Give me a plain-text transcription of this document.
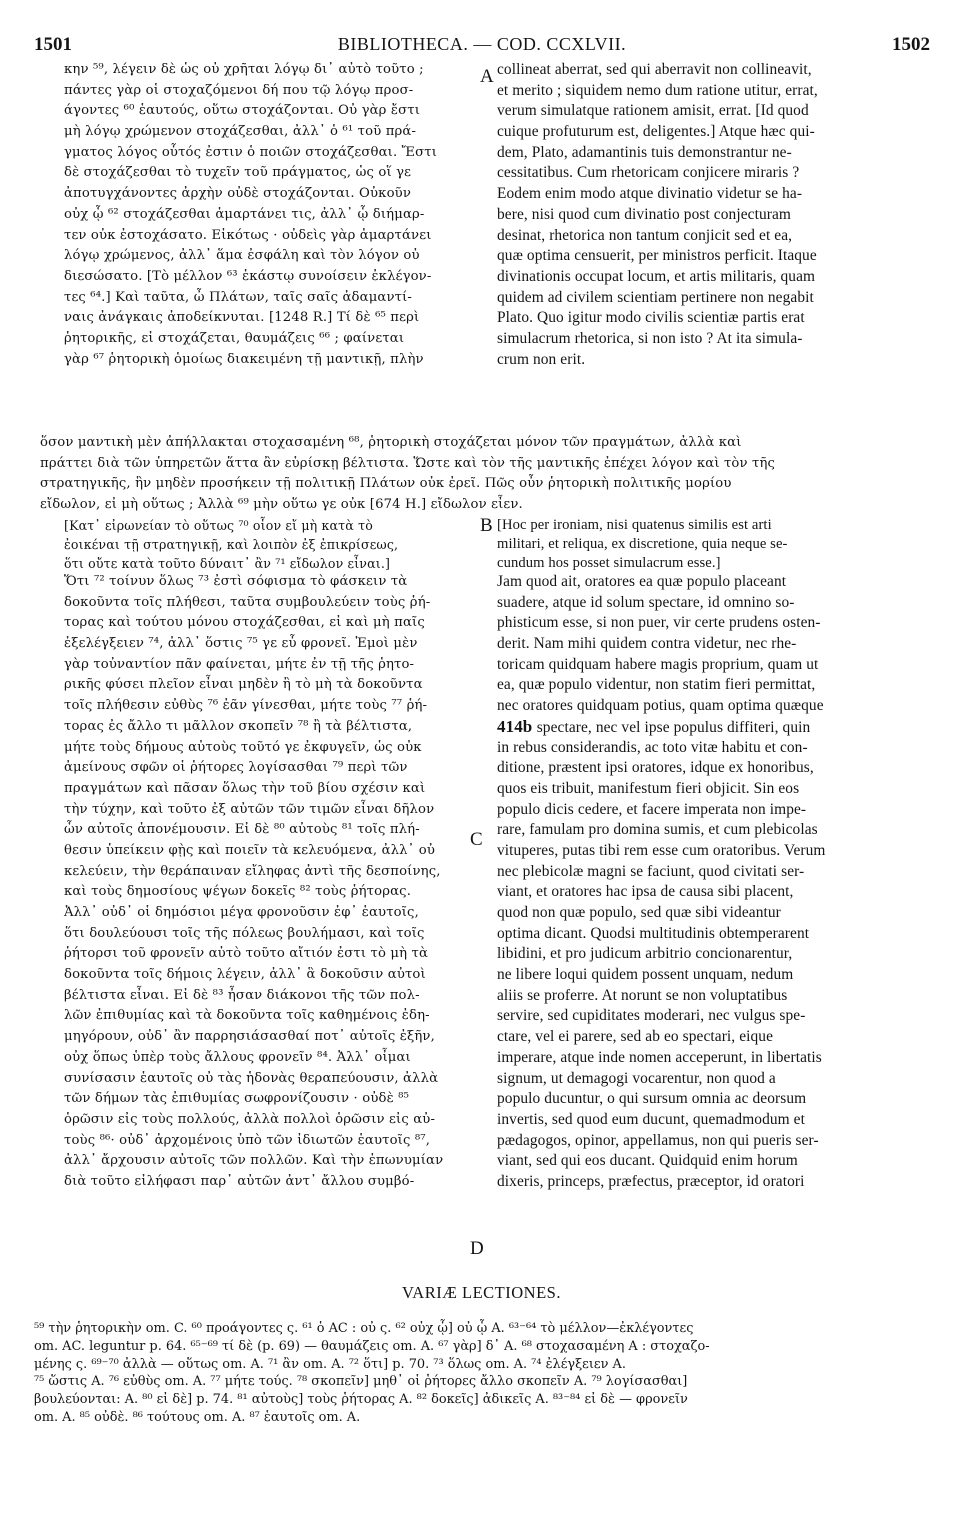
1501	BIBLIOTHECA. — COD. CCXLVII.	1502
κην ⁵⁹, λέγειν δὲ ὡς οὐ χρῆται λόγῳ δι᾿ αὐτὸ τοῦτο ;
πάντες γὰρ οἱ στοχαζόμενοι δή που τῷ λόγῳ προσ-
άγοντες ⁶⁰ ἑαυτούς, οὕτω στοχάζονται. Οὐ γὰρ ἔστι
μὴ λόγῳ χρώμενον στοχάζεσθαι, ἀλλ᾿ ὁ ⁶¹ τοῦ πρά-
γματος λόγος οὗτός ἐστιν ὁ ποιῶν στοχάζεσθαι. Ἔστι
δὲ στοχάζεσθαι τὸ τυχεῖν τοῦ πράγματος, ὡς οἵ γε
ἀποτυγχάνοντες ἀρχὴν οὐδὲ στοχάζονται. Οὐκοῦν
οὐχ ᾧ ⁶² στοχάζεσθαι ἁμαρτάνει τις, ἀλλ᾿ ᾧ διήμαρ-
τεν οὐκ ἐστοχάσατο. Εἰκότως · οὐδεὶς γὰρ ἁμαρτάνει
λόγῳ χρώμενος, ἀλλ᾿ ἅμα ἐσφάλη καὶ τὸν λόγον οὐ
διεσώσατο. [Τὸ μέλλον ⁶³ ἑκάστῳ συνοίσειν ἐκλέγον-
τες ⁶⁴.] Καὶ ταῦτα, ὦ Πλάτων, ταῖς σαῖς ἀδαμαντί-
ναις ἀνάγκαις ἀποδείκνυται. [1248 R.] Τί δὲ ⁶⁵ περὶ
ῥητορικῆς, εἰ στοχάζεται, θαυμάζεις ⁶⁶ ; φαίνεται
γὰρ ⁶⁷ ῥητορικὴ ὁμοίως διακειμένη τῇ μαντικῇ, πλὴν
collineat aberrat, sed qui aberravit non collineavit,
et merito ; siquidem nemo dum ratione utitur, errat,
verum simulatque rationem amisit, errat. [Id quod
cuique profuturum est, deligentes.] Atque hæc qui-
dem, Plato, adamantinis tuis demonstrantur ne-
cessitatibus. Cum rhetoricam conjicere miraris ?
Eodem enim modo atque divinatio videtur se ha-
bere, nisi quod cum divinatio post conjecturam
desinat, rhetorica non tantum conjicit sed et ea,
quæ optima censuerit, per ministros perficit. Itaque
divinationis occupat locum, et artis militaris, quam
quidem ad civilem scientiam pertinere non negabit
Plato. Quo igitur modo civilis scientiæ partis erat
simulacrum rhetorica, si non isto ? At ita simula-
crum non erit.
ὅσον μαντικὴ μὲν ἀπήλλακται στοχασαμένη ⁶⁸, ῥητορικὴ στοχάζεται μόνον τῶν πραγμάτων, ἀλλὰ καὶ
πράττει διὰ τῶν ὑπηρετῶν ἅττα ἂν εὑρίσκῃ βέλτιστα. Ὥστε καὶ τὸν τῆς μαντικῆς ἐπέχει λόγον καὶ τὸν τῆς
στρατηγικῆς, ἣν μηδὲν προσήκειν τῇ πολιτικῇ Πλάτων οὐκ ἐρεῖ. Πῶς οὖν ῥητορικὴ πολιτικῆς μορίου
εἴδωλον, εἰ μὴ οὕτως ; Ἀλλὰ ⁶⁹ μὴν οὕτω γε οὐκ [674 H.] εἴδωλον εἶεν.
[Κατ᾿ εἰρωνείαν τὸ οὕτως ⁷⁰ οἷον εἴ μὴ κατὰ τὸ
ἐοικέναι τῇ στρατηγικῇ, καὶ λοιπὸν ἐξ ἐπικρίσεως,
ὅτι οὔτε κατὰ τοῦτο δύναιτ᾿ ἂν ⁷¹ εἴδωλον εἶναι.]
[Hoc per ironiam, nisi quatenus similis est arti
militari, et reliqua, ex discretione, quia neque se-
cundum hos posset simulacrum esse.]
Ὅτι ⁷² τοίνυν ὅλως ⁷³ ἐστὶ σόφισμα τὸ φάσκειν τὰ
δοκοῦντα τοῖς πλήθεσι, ταῦτα συμβουλεύειν τοὺς ῥή-
τορας καὶ τούτου μόνου στοχάζεσθαι, εἰ καὶ μὴ παῖς
ἐξελέγξειεν ⁷⁴, ἀλλ᾿ ὅστις ⁷⁵ γε εὖ φρονεῖ. Ἐμοὶ μὲν
γὰρ τοὐναντίον πᾶν φαίνεται, μήτε ἐν τῇ τῆς ῥητο-
ρικῆς φύσει πλεῖον εἶναι μηδὲν ἢ τὸ μὴ τὰ δοκοῦντα
τοῖς πλήθεσιν εὐθὺς ⁷⁶ ἐᾶν γίνεσθαι, μήτε τοὺς ⁷⁷ ῥή-
τορας ἐς ἄλλο τι μᾶλλον σκοπεῖν ⁷⁸ ἢ τὰ βέλτιστα,
μήτε τοὺς δήμους αὐτοὺς τοῦτό γε ἐκφυγεῖν, ὡς οὐκ
ἀμείνους σφῶν οἱ ῥήτορες λογίσασθαι ⁷⁹ περὶ τῶν
πραγμάτων καὶ πᾶσαν ὅλως τὴν τοῦ βίου σχέσιν καὶ
τὴν τύχην, καὶ τοῦτο ἐξ αὐτῶν τῶν τιμῶν εἶναι δῆλον
ὧν αὐτοῖς ἀπονέμουσιν. Εἰ δὲ ⁸⁰ αὐτοὺς ⁸¹ τοῖς πλή-
θεσιν ὑπείκειν φῂς καὶ ποιεῖν τὰ κελευόμενα, ἀλλ᾿ οὐ
κελεύειν, τὴν θεράπαιναν εἴληφας ἀντὶ τῆς δεσποίνης,
καὶ τοὺς δημοσίους ψέγων δοκεῖς ⁸² τοὺς ῥήτορας.
Ἀλλ᾿ οὐδ᾿ οἱ δημόσιοι μέγα φρονοῦσιν ἐφ᾿ ἑαυτοῖς,
ὅτι δουλεύουσι τοῖς τῆς πόλεως βουλήμασι, καὶ τοῖς
ῥήτορσι τοῦ φρονεῖν αὐτὸ τοῦτο αἴτιόν ἐστι τὸ μὴ τὰ
δοκοῦντα τοῖς δήμοις λέγειν, ἀλλ᾿ ἃ δοκοῦσιν αὐτοὶ
βέλτιστα εἶναι. Εἰ δὲ ⁸³ ἦσαν διάκονοι τῆς τῶν πολ-
λῶν ἐπιθυμίας καὶ τὰ δοκοῦντα τοῖς καθημένοις ἐδη-
μηγόρουν, οὐδ᾿ ἂν παρρησιάσασθαί ποτ᾿ αὐτοῖς ἐξῆν,
οὐχ ὅπως ὑπὲρ τοὺς ἄλλους φρονεῖν ⁸⁴. Ἀλλ᾿ οἶμαι
συνίσασιν ἑαυτοῖς οὐ τὰς ἡδονὰς θεραπεύουσιν, ἀλλὰ
τῶν δήμων τὰς ἐπιθυμίας σωφρονίζουσιν · οὐδὲ ⁸⁵
ὁρῶσιν εἰς τοὺς πολλούς, ἀλλὰ πολλοὶ ὁρῶσιν εἰς αὐ-
τοὺς ⁸⁶· οὐδ᾿ ἀρχομένοις ὑπὸ τῶν ἰδιωτῶν ἑαυτοῖς ⁸⁷,
ἀλλ᾿ ἄρχουσιν αὐτοῖς τῶν πολλῶν. Καὶ τὴν ἐπωνυμίαν
διὰ τοῦτο εἰλήφασι παρ᾿ αὐτῶν ἀντ᾿ ἄλλου συμβό-
Jam quod ait, oratores ea quæ populo placeant
suadere, atque id solum spectare, id omnino so-
phisticum esse, si non puer, vir certe prudens osten-
derit. Nam mihi quidem contra videtur, nec rhe-
toricam quidquam habere magis proprium, quam ut
ea, quæ populo videntur, non statim fieri permittat,
nec oratores quidquam potius, quam optima quæque
414b spectare, nec vel ipse populus diffiteri, quin
in rebus considerandis, ac toto vitæ habitu et con-
ditione, præstent ipsi oratores, idque ex honoribus,
quos eis tribuit, manifestum fieri objicit. Sin eos
populo dicis cedere, et facere imperata non impe-
rare, famulam pro domina sumis, et cum plebicolas
vituperes, putas tibi rem esse cum oratoribus. Verum
nec plebicolæ magni se faciunt, quod civitati ser-
viant, et oratores hac ipsa de causa sibi placent,
quod non quæ populo, sed quæ sibi videantur
optima dicant. Quodsi multitudinis obtemperarent
libidini, et pro judicum arbitrio concionarentur,
ne libere loqui quidem possent unquam, nedum
aliis se proferre. At norunt se non voluptatibus
servire, sed cupiditates moderari, nec vulgus spe-
ctare, vel ei parere, sed ab eo spectari, eique
imperare, atque inde nomen acceperunt, in libertatis
signum, ut demagogi vocarentur, non quod a
populo ducuntur, o qui sursum omnia ac deorsum
invertis, sed quod eum ducunt, quemadmodum et
pædagogos, opinor, appellamus, non qui pueris ser-
viant, sed qui eos ducant. Quidquid enim horum
dixeris, princeps, præfectus, præceptor, id oratori
A
B
C
D
VARIÆ LECTIONES.
⁵⁹ τὴν ῥητορικὴν om. C. ⁶⁰ προάγοντες ς. ⁶¹ ὁ AC : οὐ ς. ⁶² οὐχ ᾧ] οὐ ᾧ A. ⁶³⁻⁶⁴ τὸ μέλλον—ἐκλέγοντες
om. AC. leguntur p. 64. ⁶⁵⁻⁶⁹ τί δὲ (p. 69) — θαυμάζεις om. A. ⁶⁷ γὰρ] δ᾿ A. ⁶⁸ στοχασαμένη A : στοχαζο-
μένης ς. ⁶⁹⁻⁷⁰ ἀλλὰ — οὕτως om. A. ⁷¹ ἂν om. A. ⁷² ὅτι] p. 70. ⁷³ ὅλως om. A. ⁷⁴ ἐλέγξειεν A.
⁷⁵ ὥστις A. ⁷⁶ εὐθὺς om. A. ⁷⁷ μήτε τούς. ⁷⁸ σκοπεῖν] μηθ᾿ οἱ ῥήτορες ἄλλο σκοπεῖν A. ⁷⁹ λογίσασθαι]
βουλεύονται: A. ⁸⁰ εἰ δὲ] p. 74. ⁸¹ αὐτοὺς] τοὺς ῥήτορας A. ⁸² δοκεῖς] ἀδικεῖς A. ⁸³⁻⁸⁴ εἰ δὲ — φρονεῖν
om. A. ⁸⁵ οὐδὲ. ⁸⁶ τούτους om. A. ⁸⁷ ἑαυτοῖς om. A.
